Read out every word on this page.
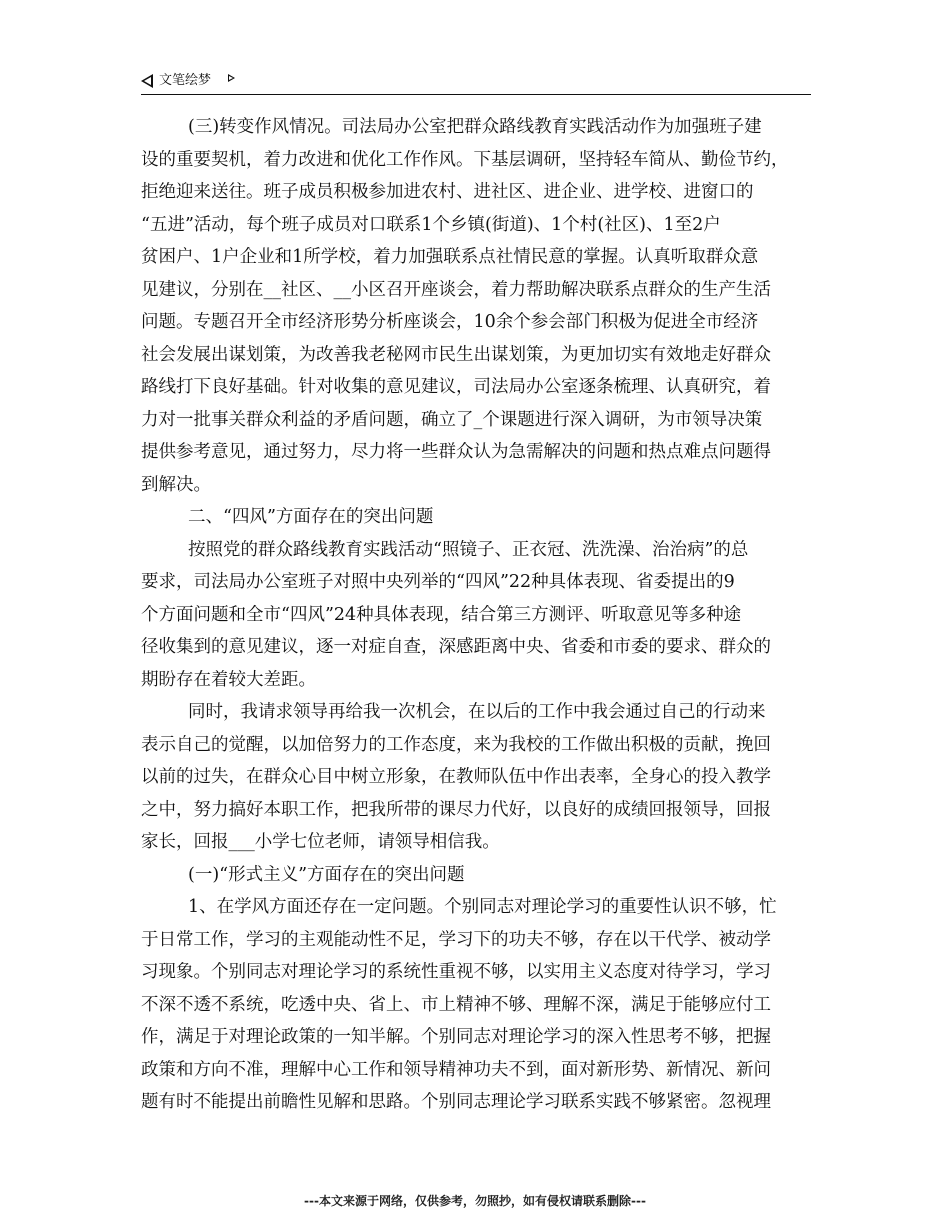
文笔绘梦
(三)转变作风情况。司法局办公室把群众路线教育实践活动作为加强班子建
设的重要契机，着力改进和优化工作作风。下基层调研，坚持轻车简从、勤俭节约，
拒绝迎来送往。班子成员积极参加进农村、进社区、进企业、进学校、进窗口的
“五进”活动，每个班子成员对口联系1个乡镇(街道)、1个村(社区)、1至2户
贫困户、1户企业和1所学校，着力加强联系点社情民意的掌握。认真听取群众意
见建议，分别在__社区、__小区召开座谈会，着力帮助解决联系点群众的生产生活
问题。专题召开全市经济形势分析座谈会，10余个参会部门积极为促进全市经济
社会发展出谋划策，为改善我老秘网市民生出谋划策，为更加切实有效地走好群众
路线打下良好基础。针对收集的意见建议，司法局办公室逐条梳理、认真研究，着
力对一批事关群众利益的矛盾问题，确立了_个课题进行深入调研，为市领导决策
提供参考意见，通过努力，尽力将一些群众认为急需解决的问题和热点难点问题得
到解决。
二、“四风”方面存在的突出问题
按照党的群众路线教育实践活动“照镜子、正衣冠、洗洗澡、治治病”的总
要求，司法局办公室班子对照中央列举的“四风”22种具体表现、省委提出的9
个方面问题和全市“四风”24种具体表现，结合第三方测评、听取意见等多种途
径收集到的意见建议，逐一对症自查，深感距离中央、省委和市委的要求、群众的
期盼存在着较大差距。
同时，我请求领导再给我一次机会，在以后的工作中我会通过自己的行动来
表示自己的觉醒，以加倍努力的工作态度，来为我校的工作做出积极的贡献，挽回
以前的过失，在群众心目中树立形象，在教师队伍中作出表率，全身心的投入教学
之中，努力搞好本职工作，把我所带的课尽力代好，以良好的成绩回报领导，回报
家长，回报___小学七位老师，请领导相信我。
(一)“形式主义”方面存在的突出问题
1、在学风方面还存在一定问题。个别同志对理论学习的重要性认识不够，忙
于日常工作，学习的主观能动性不足，学习下的功夫不够，存在以干代学、被动学
习现象。个别同志对理论学习的系统性重视不够，以实用主义态度对待学习，学习
不深不透不系统，吃透中央、省上、市上精神不够、理解不深，满足于能够应付工
作，满足于对理论政策的一知半解。个别同志对理论学习的深入性思考不够，把握
政策和方向不准，理解中心工作和领导精神功夫不到，面对新形势、新情况、新问
题有时不能提出前瞻性见解和思路。个别同志理论学习联系实践不够紧密。忽视理
---本文来源于网络，仅供参考，勿照抄，如有侵权请联系删除---
